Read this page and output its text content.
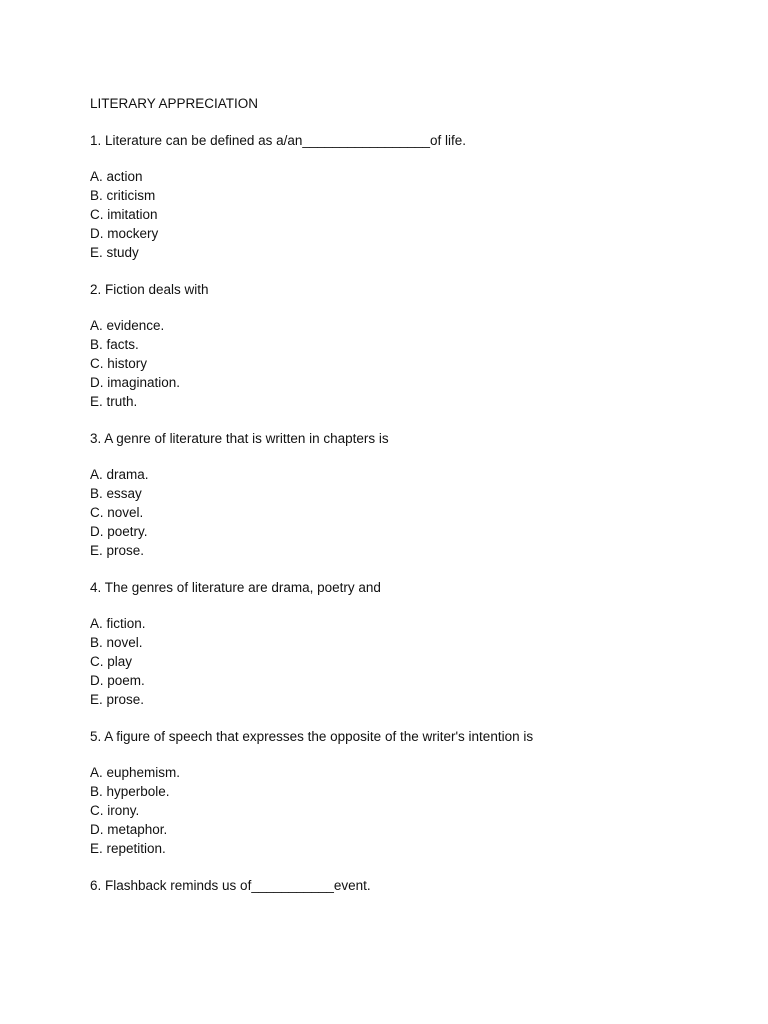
LITERARY APPRECIATION
1. Literature can be defined as a/an_________________of life.
A. action
B. criticism
C. imitation
D. mockery
E. study
2. Fiction deals with
A. evidence.
B. facts.
C. history
D. imagination.
E. truth.
3. A genre of literature that is written in chapters is
A. drama.
B. essay
C. novel.
D. poetry.
E. prose.
4. The genres of literature are drama, poetry and
A. fiction.
B. novel.
C. play
D. poem.
E. prose.
5. A figure of speech that expresses the opposite of the writer's intention is
A. euphemism.
B. hyperbole.
C. irony.
D. metaphor.
E. repetition.
6. Flashback reminds us of___________event.
